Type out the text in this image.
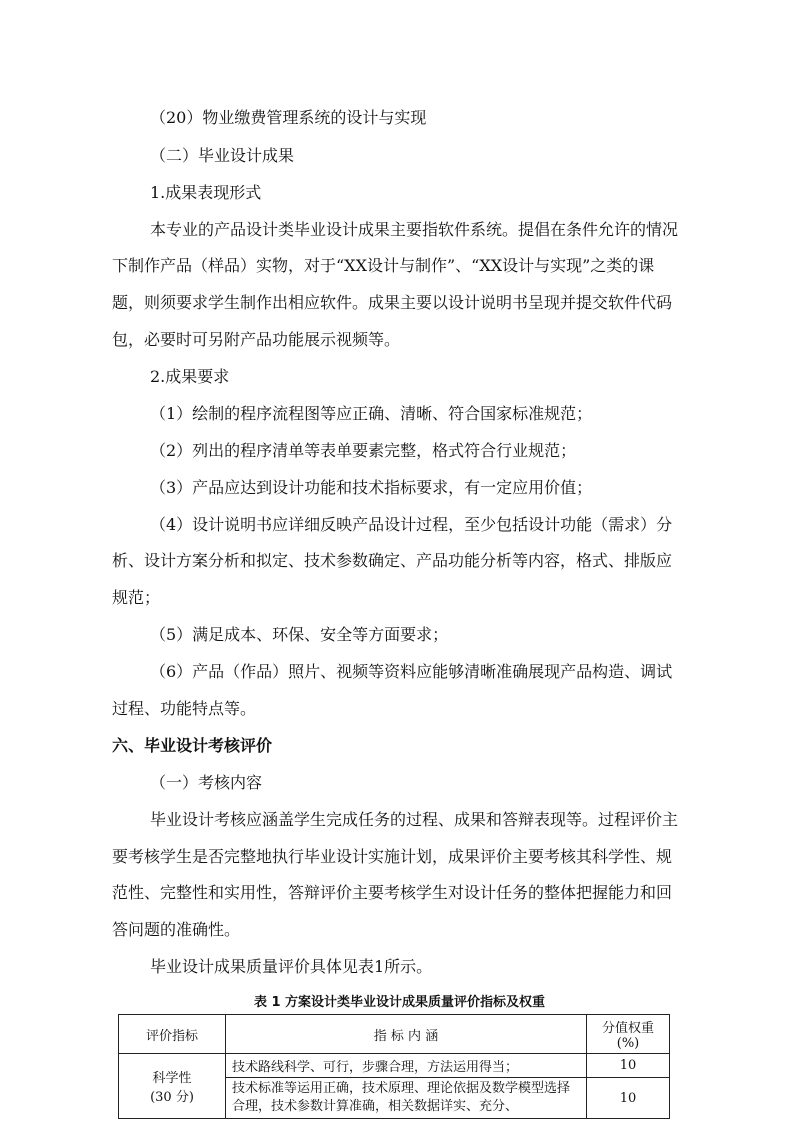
（20）物业缴费管理系统的设计与实现
（二）毕业设计成果
1.成果表现形式
本专业的产品设计类毕业设计成果主要指软件系统。提倡在条件允许的情况
下制作产品（样品）实物，对于“XX设计与制作”、“XX设计与实现”之类的课
题，则须要求学生制作出相应软件。成果主要以设计说明书呈现并提交软件代码
包，必要时可另附产品功能展示视频等。
2.成果要求
（1）绘制的程序流程图等应正确、清晰、符合国家标准规范；
（2）列出的程序清单等表单要素完整，格式符合行业规范；
（3）产品应达到设计功能和技术指标要求，有一定应用价值；
（4）设计说明书应详细反映产品设计过程，至少包括设计功能（需求）分
析、设计方案分析和拟定、技术参数确定、产品功能分析等内容，格式、排版应
规范；
（5）满足成本、环保、安全等方面要求；
（6）产品（作品）照片、视频等资料应能够清晰准确展现产品构造、调试
过程、功能特点等。
六、毕业设计考核评价
（一）考核内容
毕业设计考核应涵盖学生完成任务的过程、成果和答辩表现等。过程评价主
要考核学生是否完整地执行毕业设计实施计划，成果评价主要考核其科学性、规
范性、完整性和实用性，答辩评价主要考核学生对设计任务的整体把握能力和回
答问题的准确性。
毕业设计成果质量评价具体见表1所示。
表 1 方案设计类毕业设计成果质量评价指标及权重
评价指标	指 标 内 涵	分值权重 (%)

科学性
(30 分)	技术路线科学、可行，步骤合理，方法运用得当；	10
	技术标准等运用正确，技术原理、理论依据及数学模型选择合理，技术参数计算准确，相关数据详实、充分、	10
